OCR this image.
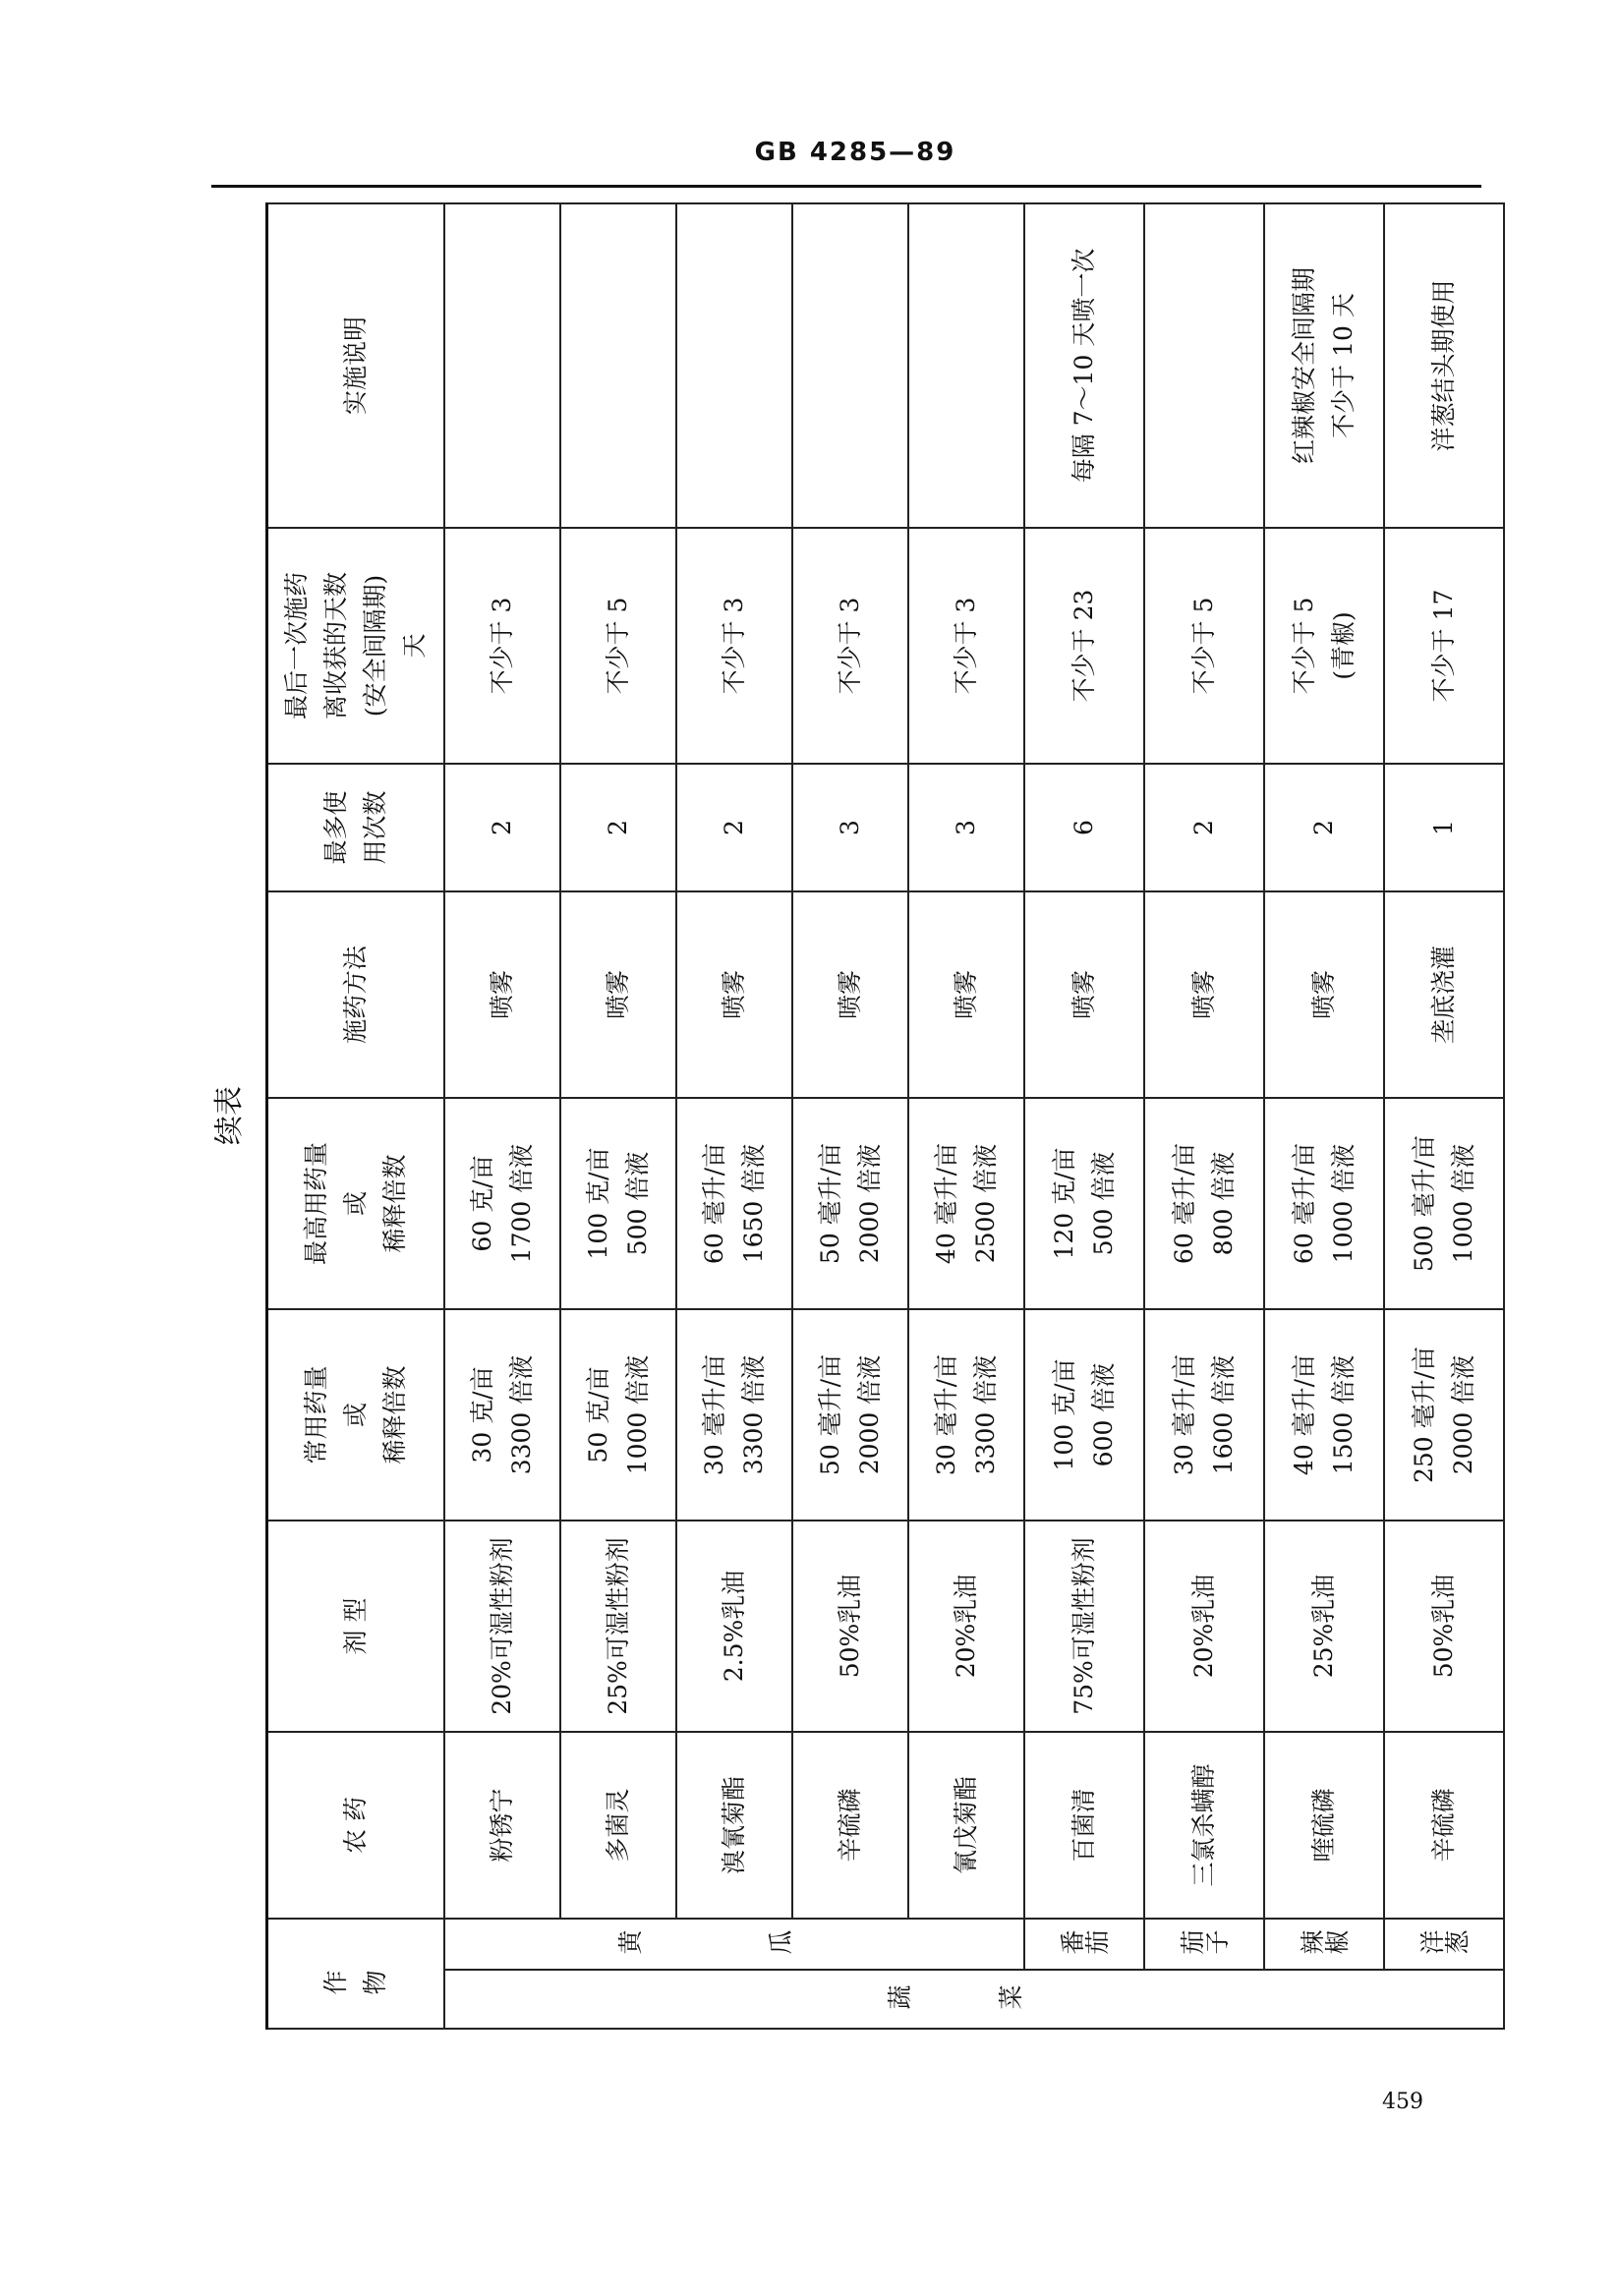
GB 4285—89
续表
作 物		农 药	剂 型	常用药量
或
稀释倍数	最高用药量
或
稀释倍数	施药方法	最多使
用次数	最后一次施药
离收获的天数
(安全间隔期)
天	实施说明
蔬 菜	黄 瓜	粉锈宁	20%可湿性粉剂	30 克/亩
3300 倍液	60 克/亩
1700 倍液	喷雾	2	不少于 3	
		多菌灵	25%可湿性粉剂	50 克/亩
1000 倍液	100 克/亩
500 倍液	喷雾	2	不少于 5	
		溴氰菊酯	2.5%乳油	30 毫升/亩
3300 倍液	60 毫升/亩
1650 倍液	喷雾	2	不少于 3	
		辛硫磷	50%乳油	50 毫升/亩
2000 倍液	50 毫升/亩
2000 倍液	喷雾	3	不少于 3	
		氰戊菊酯	20%乳油	30 毫升/亩
3300 倍液	40 毫升/亩
2500 倍液	喷雾	3	不少于 3	
	番茄	百菌清	75%可湿性粉剂	100 克/亩
600 倍液	120 克/亩
500 倍液	喷雾	6	不少于 23	每隔 7～10 天喷一次
	茄子	三氯杀螨醇	20%乳油	30 毫升/亩
1600 倍液	60 毫升/亩
800 倍液	喷雾	2	不少于 5	
	辣椒	喹硫磷	25%乳油	40 毫升/亩
1500 倍液	60 毫升/亩
1000 倍液	喷雾	2	不少于 5
(青椒)	红辣椒安全间隔期
不少于 10 天
	洋葱	辛硫磷	50%乳油	250 毫升/亩
2000 倍液	500 毫升/亩
1000 倍液	垄底浇灌	1	不少于 17	洋葱结头期使用
459
